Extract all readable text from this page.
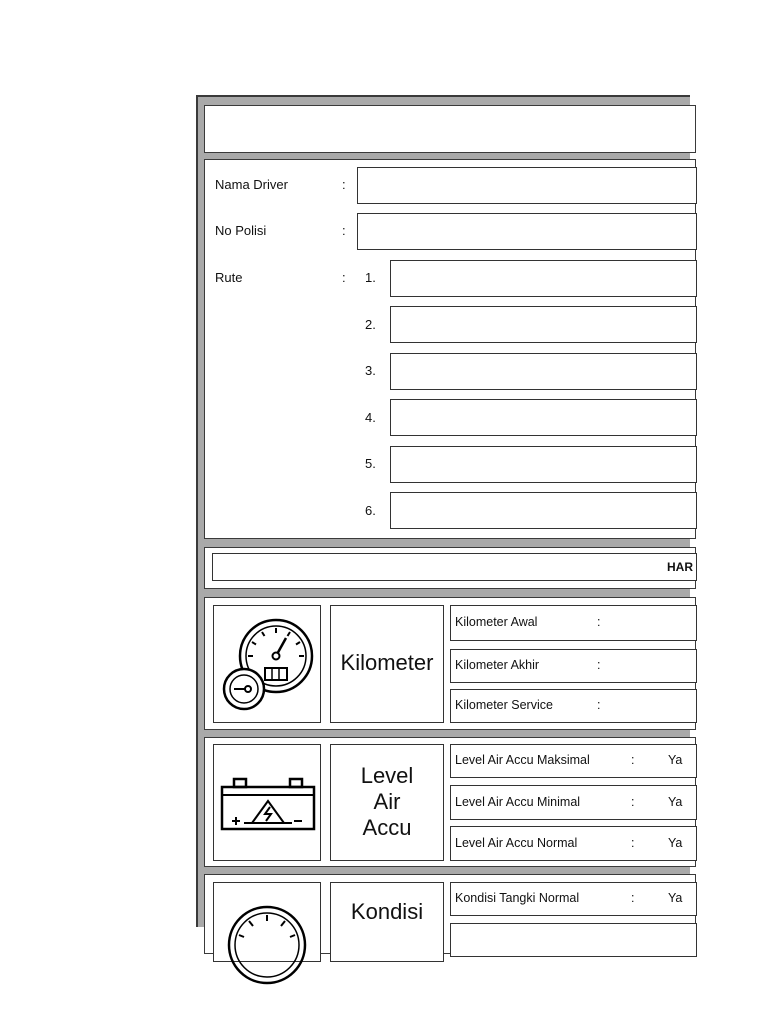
Nama Driver	:
No Polisi	:
Rute	: 1.
2.
3.
4.
5.
6.
HAR
Kilometer
Kilometer Awal	:
Kilometer Akhir	:
Kilometer Service	:
Level
Air
Accu
Level Air Accu Maksimal	:	Ya
Level Air Accu Minimal	:	Ya
Level Air Accu Normal	:	Ya
Kondisi
Kondisi Tangki Normal	:	Ya
